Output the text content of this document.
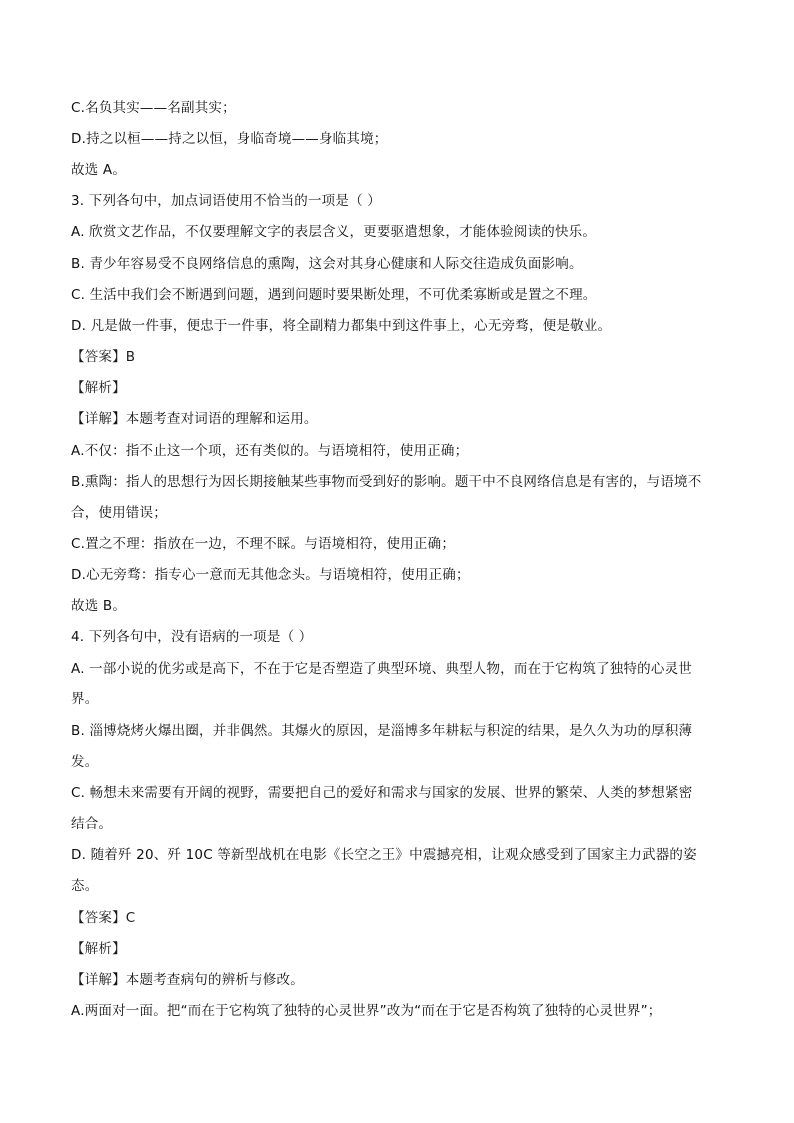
C.名负其实——名副其实；
D.持之以桓——持之以恒，身临奇境——身临其境；
故选 A。
3. 下列各句中，加点词语使用不恰当的一项是（ ）
A. 欣赏文艺作品，不仅要理解文字的表层含义，更要驱遣想象，才能体验阅读的快乐。
B. 青少年容易受不良网络信息的熏陶，这会对其身心健康和人际交往造成负面影响。
C. 生活中我们会不断遇到问题，遇到问题时要果断处理，不可优柔寡断或是置之不理。
D. 凡是做一件事，便忠于一件事，将全副精力都集中到这件事上，心无旁骛，便是敬业。
【答案】B
【解析】
【详解】本题考查对词语的理解和运用。
A.不仅：指不止这一个项，还有类似的。与语境相符，使用正确；
B.熏陶：指人的思想行为因长期接触某些事物而受到好的影响。题干中不良网络信息是有害的，与语境不
合，使用错误；
C.置之不理：指放在一边，不理不睬。与语境相符，使用正确；
D.心无旁骛：指专心一意而无其他念头。与语境相符，使用正确；
故选 B。
4. 下列各句中，没有语病的一项是（ ）
A. 一部小说的优劣或是高下，不在于它是否塑造了典型环境、典型人物，而在于它构筑了独特的心灵世
界。
B. 淄博烧烤火爆出圈，并非偶然。其爆火的原因，是淄博多年耕耘与积淀的结果，是久久为功的厚积薄
发。
C. 畅想未来需要有开阔的视野，需要把自己的爱好和需求与国家的发展、世界的繁荣、人类的梦想紧密
结合。
D. 随着歼 20、歼 10C 等新型战机在电影《长空之王》中震撼亮相，让观众感受到了国家主力武器的姿
态。
【答案】C
【解析】
【详解】本题考查病句的辨析与修改。
A.两面对一面。把“而在于它构筑了独特的心灵世界”改为“而在于它是否构筑了独特的心灵世界”；
